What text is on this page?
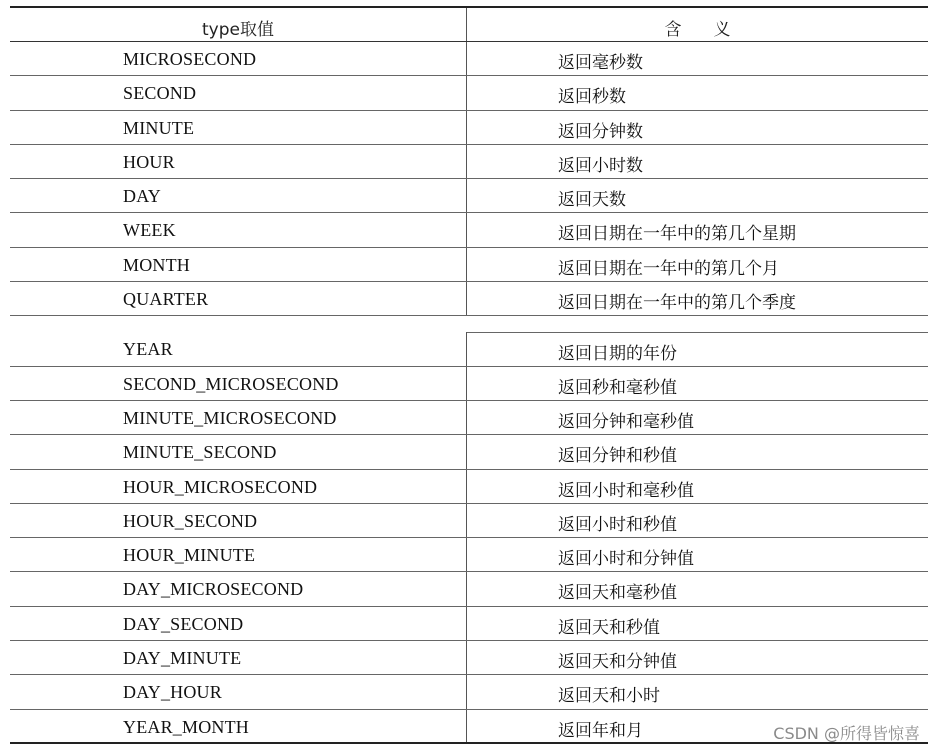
type取值	含义
MICROSECOND	返回毫秒数
SECOND	返回秒数
MINUTE	返回分钟数
HOUR	返回小时数
DAY	返回天数
WEEK	返回日期在一年中的第几个星期
MONTH	返回日期在一年中的第几个月
QUARTER	返回日期在一年中的第几个季度
YEAR	返回日期的年份
SECOND_MICROSECOND	返回秒和毫秒值
MINUTE_MICROSECOND	返回分钟和毫秒值
MINUTE_SECOND	返回分钟和秒值
HOUR_MICROSECOND	返回小时和毫秒值
HOUR_SECOND	返回小时和秒值
HOUR_MINUTE	返回小时和分钟值
DAY_MICROSECOND	返回天和毫秒值
DAY_SECOND	返回天和秒值
DAY_MINUTE	返回天和分钟值
DAY_HOUR	返回天和小时
YEAR_MONTH	返回年和月	CSDN @所得皆惊喜
